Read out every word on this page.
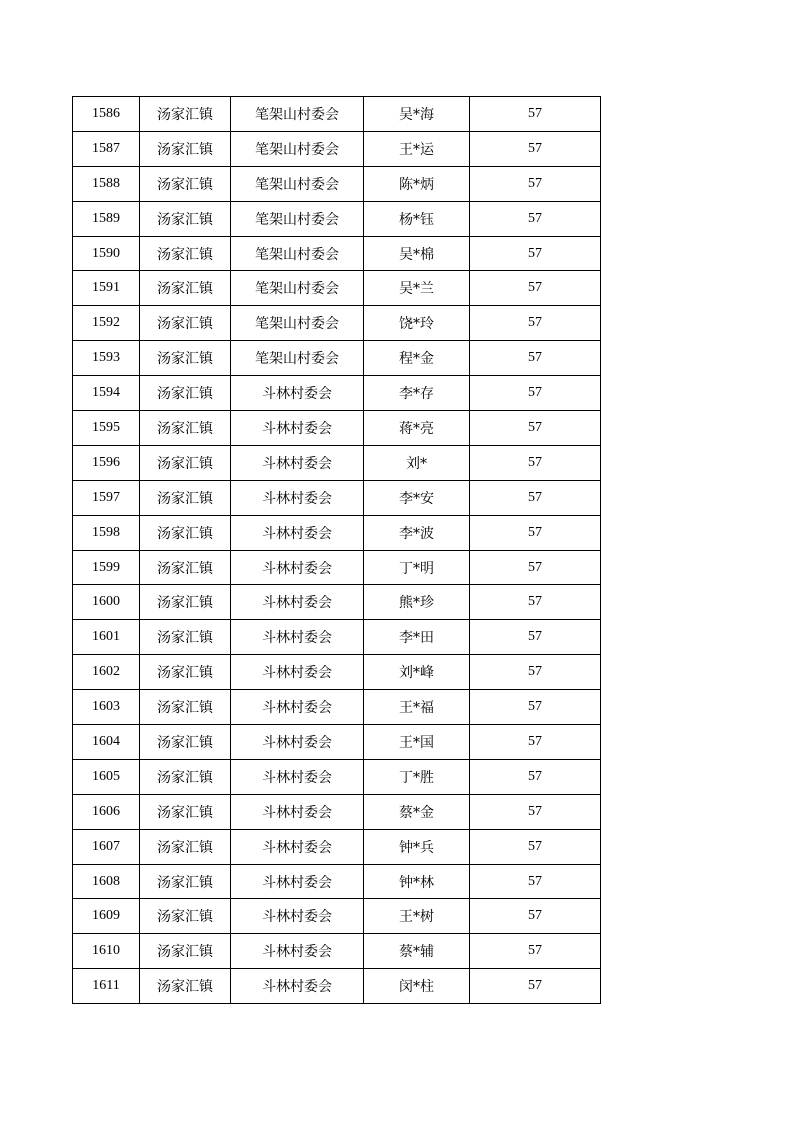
1586	汤家汇镇	笔架山村委会	吴*海	57
1587	汤家汇镇	笔架山村委会	王*运	57
1588	汤家汇镇	笔架山村委会	陈*炳	57
1589	汤家汇镇	笔架山村委会	杨*钰	57
1590	汤家汇镇	笔架山村委会	吴*棉	57
1591	汤家汇镇	笔架山村委会	吴*兰	57
1592	汤家汇镇	笔架山村委会	饶*玲	57
1593	汤家汇镇	笔架山村委会	程*金	57
1594	汤家汇镇	斗林村委会	李*存	57
1595	汤家汇镇	斗林村委会	蒋*亮	57
1596	汤家汇镇	斗林村委会	刘*	57
1597	汤家汇镇	斗林村委会	李*安	57
1598	汤家汇镇	斗林村委会	李*波	57
1599	汤家汇镇	斗林村委会	丁*明	57
1600	汤家汇镇	斗林村委会	熊*珍	57
1601	汤家汇镇	斗林村委会	李*田	57
1602	汤家汇镇	斗林村委会	刘*峰	57
1603	汤家汇镇	斗林村委会	王*福	57
1604	汤家汇镇	斗林村委会	王*国	57
1605	汤家汇镇	斗林村委会	丁*胜	57
1606	汤家汇镇	斗林村委会	蔡*金	57
1607	汤家汇镇	斗林村委会	钟*兵	57
1608	汤家汇镇	斗林村委会	钟*林	57
1609	汤家汇镇	斗林村委会	王*树	57
1610	汤家汇镇	斗林村委会	蔡*辅	57
1611	汤家汇镇	斗林村委会	闵*柱	57
